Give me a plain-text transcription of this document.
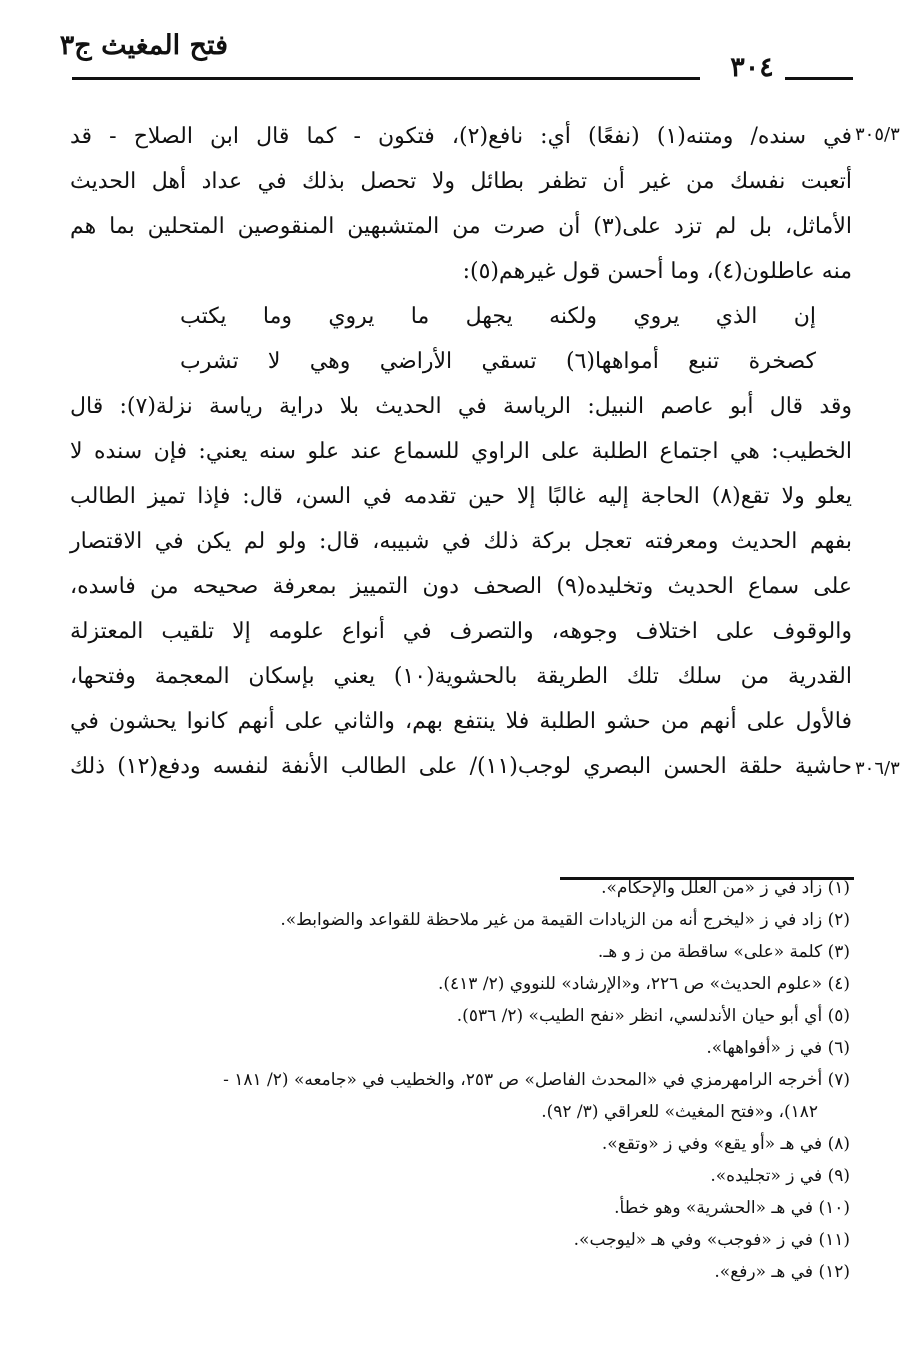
فتح المغيث ج٣
٣٠٤
٣٠٥/٣
٣٠٦/٣
في سنده/ ومتنه(١) (نفعًا) أي: نافع(٢)، فتكون - كما قال ابن الصلاح - قد
أتعبت نفسك من غير أن تظفر بطائل ولا تحصل بذلك في عداد أهل الحديث
الأماثل، بل لم تزد على(٣) أن صرت من المتشبهين المنقوصين المتحلين بما هم
منه عاطلون(٤)، وما أحسن قول غيرهم(٥):
إن الذي يروي ولكنه يجهل ما يروي وما يكتب
كصخرة تنبع أمواهها(٦) تسقي الأراضي وهي لا تشرب
وقد قال أبو عاصم النبيل: الرياسة في الحديث بلا دراية رياسة نزلة(٧): قال
الخطيب: هي اجتماع الطلبة على الراوي للسماع عند علو سنه يعني: فإن سنده لا
يعلو ولا تقع(٨) الحاجة إليه غالبًا إلا حين تقدمه في السن، قال: فإذا تميز الطالب
بفهم الحديث ومعرفته تعجل بركة ذلك في شبيبه، قال: ولو لم يكن في الاقتصار
على سماع الحديث وتخليده(٩) الصحف دون التمييز بمعرفة صحيحه من فاسده،
والوقوف على اختلاف وجوهه، والتصرف في أنواع علومه إلا تلقيب المعتزلة
القدرية من سلك تلك الطريقة بالحشوية(١٠) يعني بإسكان المعجمة وفتحها،
فالأول على أنهم من حشو الطلبة فلا ينتفع بهم، والثاني على أنهم كانوا يحشون في
حاشية حلقة الحسن البصري لوجب(١١)/ على الطالب الأنفة لنفسه ودفع(١٢) ذلك
(١) زاد في ز «من العلل والإحكام».
(٢) زاد في ز «ليخرج أنه من الزيادات القيمة من غير ملاحظة للقواعد والضوابط».
(٣) كلمة «على» ساقطة من ز و هـ.
(٤) «علوم الحديث» ص ٢٢٦، و«الإرشاد» للنووي (٢/ ٤١٣).
(٥) أي أبو حيان الأندلسي، انظر «نفح الطيب» (٢/ ٥٣٦).
(٦) في ز «أفواهها».
(٧) أخرجه الرامهرمزي في «المحدث الفاصل» ص ٢٥٣، والخطيب في «جامعه» (٢/ ١٨١ -
١٨٢)، و«فتح المغيث» للعراقي (٣/ ٩٢).
(٨) في هـ «أو يقع» وفي ز «وتقع».
(٩) في ز «تجليده».
(١٠) في هـ «الحشرية» وهو خطأ.
(١١) في ز «فوجب» وفي هـ «ليوجب».
(١٢) في هـ «رفع».
